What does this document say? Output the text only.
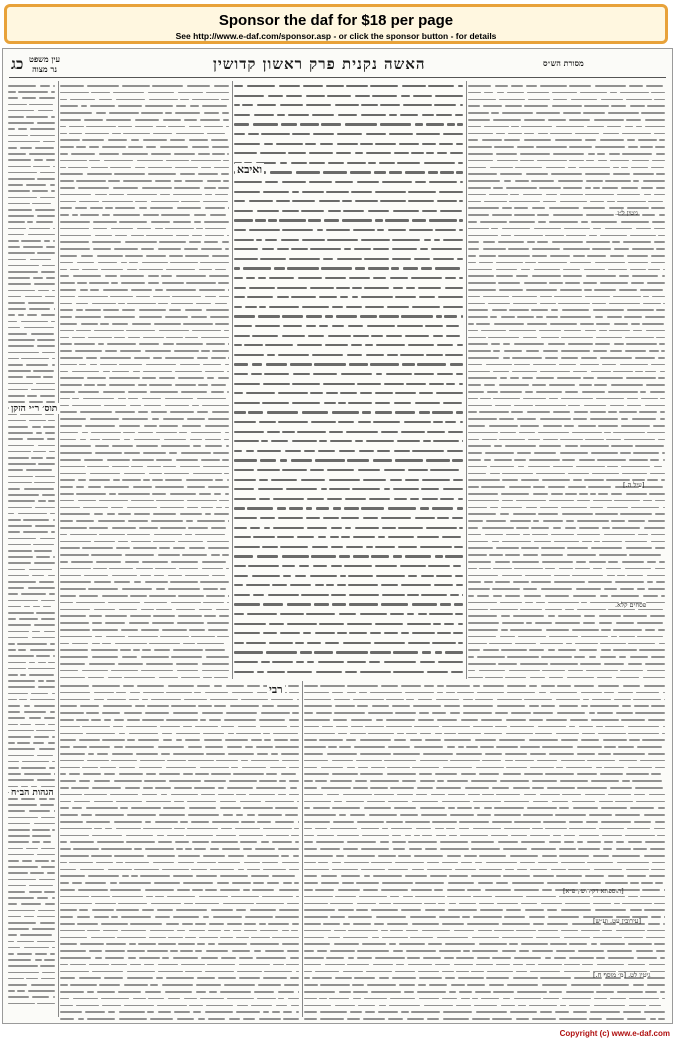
Sponsor the daf for $18 per page
See http://www.e-daf.com/sponsor.asp - or click the sponsor button - for details
מסורת הש״ס
האשה נקנית פרק ראשון קדושין
כג	עין משפט
נר מצוה
תוס׳ ר״י הזקן
הגהות הב״ח
ואיבא
רבי
גיטין ל״ג.
[עיל ה.]
פסחים קלא.
[תוספתא דקידושין פ״א]
[עירובין עט. וע״ש]
גיטין לט. [מ׳ מוסף ח.]
Copyright (c) www.e-daf.com
